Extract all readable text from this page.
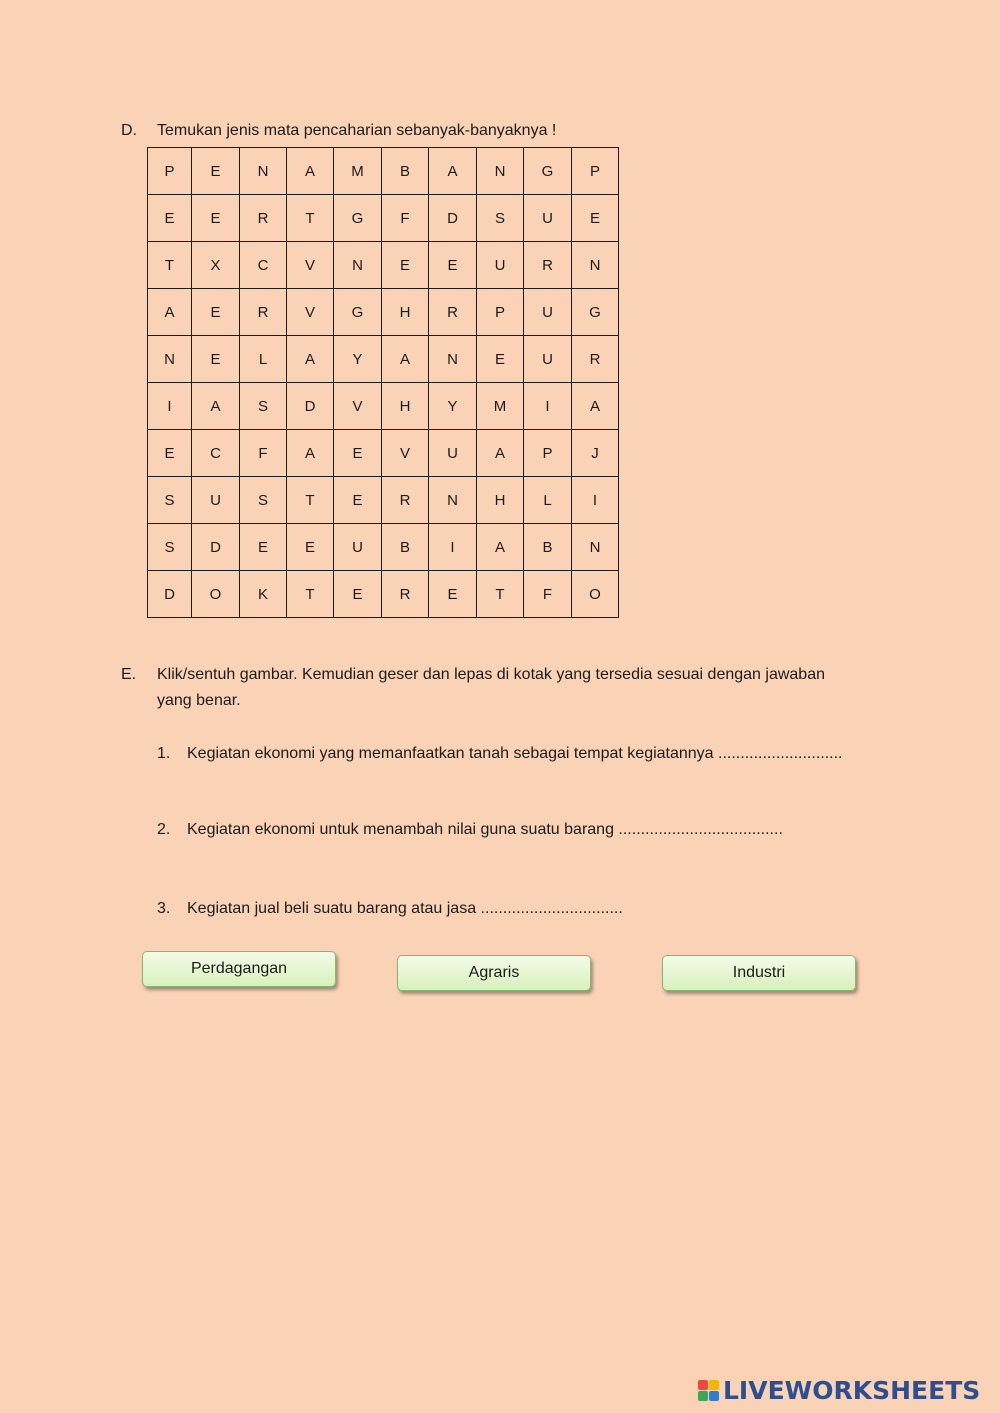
D. Temukan jenis mata pencaharian sebanyak-banyaknya !
P	E	N	A	M	B	A	N	G	P
E	E	R	T	G	F	D	S	U	E
T	X	C	V	N	E	E	U	R	N
A	E	R	V	G	H	R	P	U	G
N	E	L	A	Y	A	N	E	U	R
I	A	S	D	V	H	Y	M	I	A
E	C	F	A	E	V	U	A	P	J
S	U	S	T	E	R	N	H	L	I
S	D	E	E	U	B	I	A	B	N
D	O	K	T	E	R	E	T	F	O
E. Klik/sentuh gambar. Kemudian geser dan lepas di kotak yang tersedia sesuai dengan jawaban
yang benar.
1. Kegiatan ekonomi yang memanfaatkan tanah sebagai tempat kegiatannya ............................
2. Kegiatan ekonomi untuk menambah nilai guna suatu barang .....................................
3. Kegiatan jual beli suatu barang atau jasa ................................
Perdagangan	Agraris	Industri
LIVEWORKSHEETS
